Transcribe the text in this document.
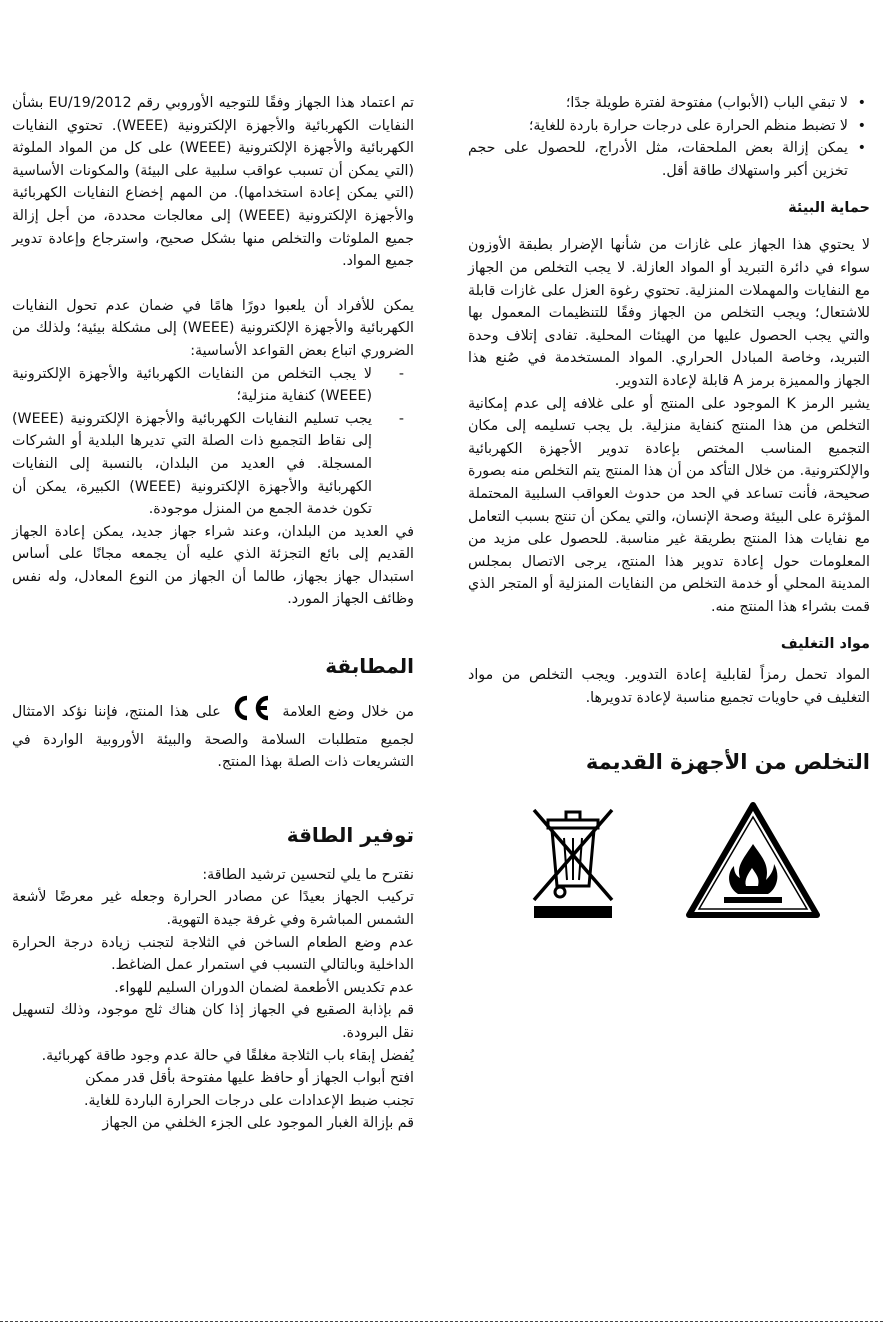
تم اعتماد هذا الجهاز وفقًا للتوجيه الأوروبي رقم EU/19/2012 بشأن النفايات الكهربائية والأجهزة الإلكترونية (WEEE). تحتوي النفايات الكهربائية والأجهزة الإلكترونية (WEEE) على كل من المواد الملوثة (التي يمكن أن تسبب عواقب سلبية على البيئة) والمكونات الأساسية (التي يمكن إعادة استخدامها). من المهم إخضاع النفايات الكهربائية والأجهزة الإلكترونية (WEEE) إلى معالجات محددة، من أجل إزالة جميع الملوثات والتخلص منها بشكل صحيح، واسترجاع وإعادة تدوير جميع المواد.

يمكن للأفراد أن يلعبوا دورًا هامًا في ضمان عدم تحول النفايات الكهربائية والأجهزة الإلكترونية (WEEE) إلى مشكلة بيئية؛ ولذلك من الضروري اتباع بعض القواعد الأساسية:

- لا يجب التخلص من النفايات الكهربائية والأجهزة الإلكترونية (WEEE) كنفاية منزلية؛
- يجب تسليم النفايات الكهربائية والأجهزة الإلكترونية (WEEE) إلى نقاط التجميع ذات الصلة التي تديرها البلدية أو الشركات المسجلة. في العديد من البلدان، بالنسبة إلى النفايات الكهربائية والأجهزة الإلكترونية (WEEE) الكبيرة، يمكن أن تكون خدمة الجمع من المنزل موجودة.

في العديد من البلدان، وعند شراء جهاز جديد، يمكن إعادة الجهاز القديم إلى بائع التجزئة الذي عليه أن يجمعه مجانًا على أساس استبدال جهاز بجهاز، طالما أن الجهاز من النوع المعادل، وله نفس وظائف الجهاز المورد.

المطابقة

من خلال وضع العلامة  على هذا المنتج، فإننا نؤكد الامتثال لجميع متطلبات السلامة والصحة والبيئة الأوروبية الواردة في التشريعات ذات الصلة بهذا المنتج.

توفير الطاقة

نقترح ما يلي لتحسين ترشيد الطاقة:

تركيب الجهاز بعيدًا عن مصادر الحرارة وجعله غير معرضًا لأشعة الشمس المباشرة وفي غرفة جيدة التهوية.

عدم وضع الطعام الساخن في الثلاجة لتجنب زيادة درجة الحرارة الداخلية وبالتالي التسبب في استمرار عمل الضاغط.

عدم تكديس الأطعمة لضمان الدوران السليم للهواء.

قم بإذابة الصقيع في الجهاز إذا كان هناك ثلج موجود، وذلك لتسهيل نقل البرودة.

يُفضل إبقاء باب الثلاجة مغلقًا في حالة عدم وجود طاقة كهربائية.

افتح أبواب الجهاز أو حافظ عليها مفتوحة بأقل قدر ممكن

تجنب ضبط الإعدادات على درجات الحرارة الباردة للغاية.

قم بإزالة الغبار الموجود على الجزء الخلفي من الجهاز

• لا تبقي الباب (الأبواب) مفتوحة لفترة طويلة جدًا؛
• لا تضبط منظم الحرارة على درجات حرارة باردة للغاية؛
• يمكن إزالة بعض الملحقات، مثل الأدراج، للحصول على حجم تخزين أكبر واستهلاك طاقة أقل.
حماية البيئة

لا يحتوي هذا الجهاز على غازات من شأنها الإضرار بطبقة الأوزون سواء في دائرة التبريد أو المواد العازلة. لا يجب التخلص من الجهاز مع النفايات والمهملات المنزلية. تحتوي رغوة العزل على غازات قابلة للاشتعال؛ ويجب التخلص من الجهاز وفقًا للتنظيمات المعمول بها والتي يجب الحصول عليها من الهيئات المحلية. تفادى إتلاف وحدة التبريد، وخاصة المبادل الحراري. المواد المستخدمة في صُنع هذا الجهاز والمميزة برمز A قابلة لإعادة التدوير.

يشير الرمز K الموجود على المنتج أو على غلافه إلى عدم إمكانية التخلص من هذا المنتج كنفاية منزلية. بل يجب تسليمه إلى مكان التجميع المناسب المختص بإعادة تدوير الأجهزة الكهربائية والإلكترونية. من خلال التأكد من أن هذا المنتج يتم التخلص منه بصورة صحيحة، فأنت تساعد في الحد من حدوث العواقب السلبية المحتملة المؤثرة على البيئة وصحة الإنسان، والتي يمكن أن تنتج بسبب التعامل مع نفايات هذا المنتج بطريقة غير مناسبة. للحصول على مزيد من المعلومات حول إعادة تدوير هذا المنتج، يرجى الاتصال بمجلس المدينة المحلي أو خدمة التخلص من النفايات المنزلية أو المتجر الذي قمت بشراء هذا المنتج منه.

مواد التغليف

المواد تحمل رمزاً لقابلية إعادة التدوير. ويجب التخلص من مواد التغليف في حاويات تجميع مناسبة لإعادة تدويرها.

التخلص من الأجهزة القديمة
